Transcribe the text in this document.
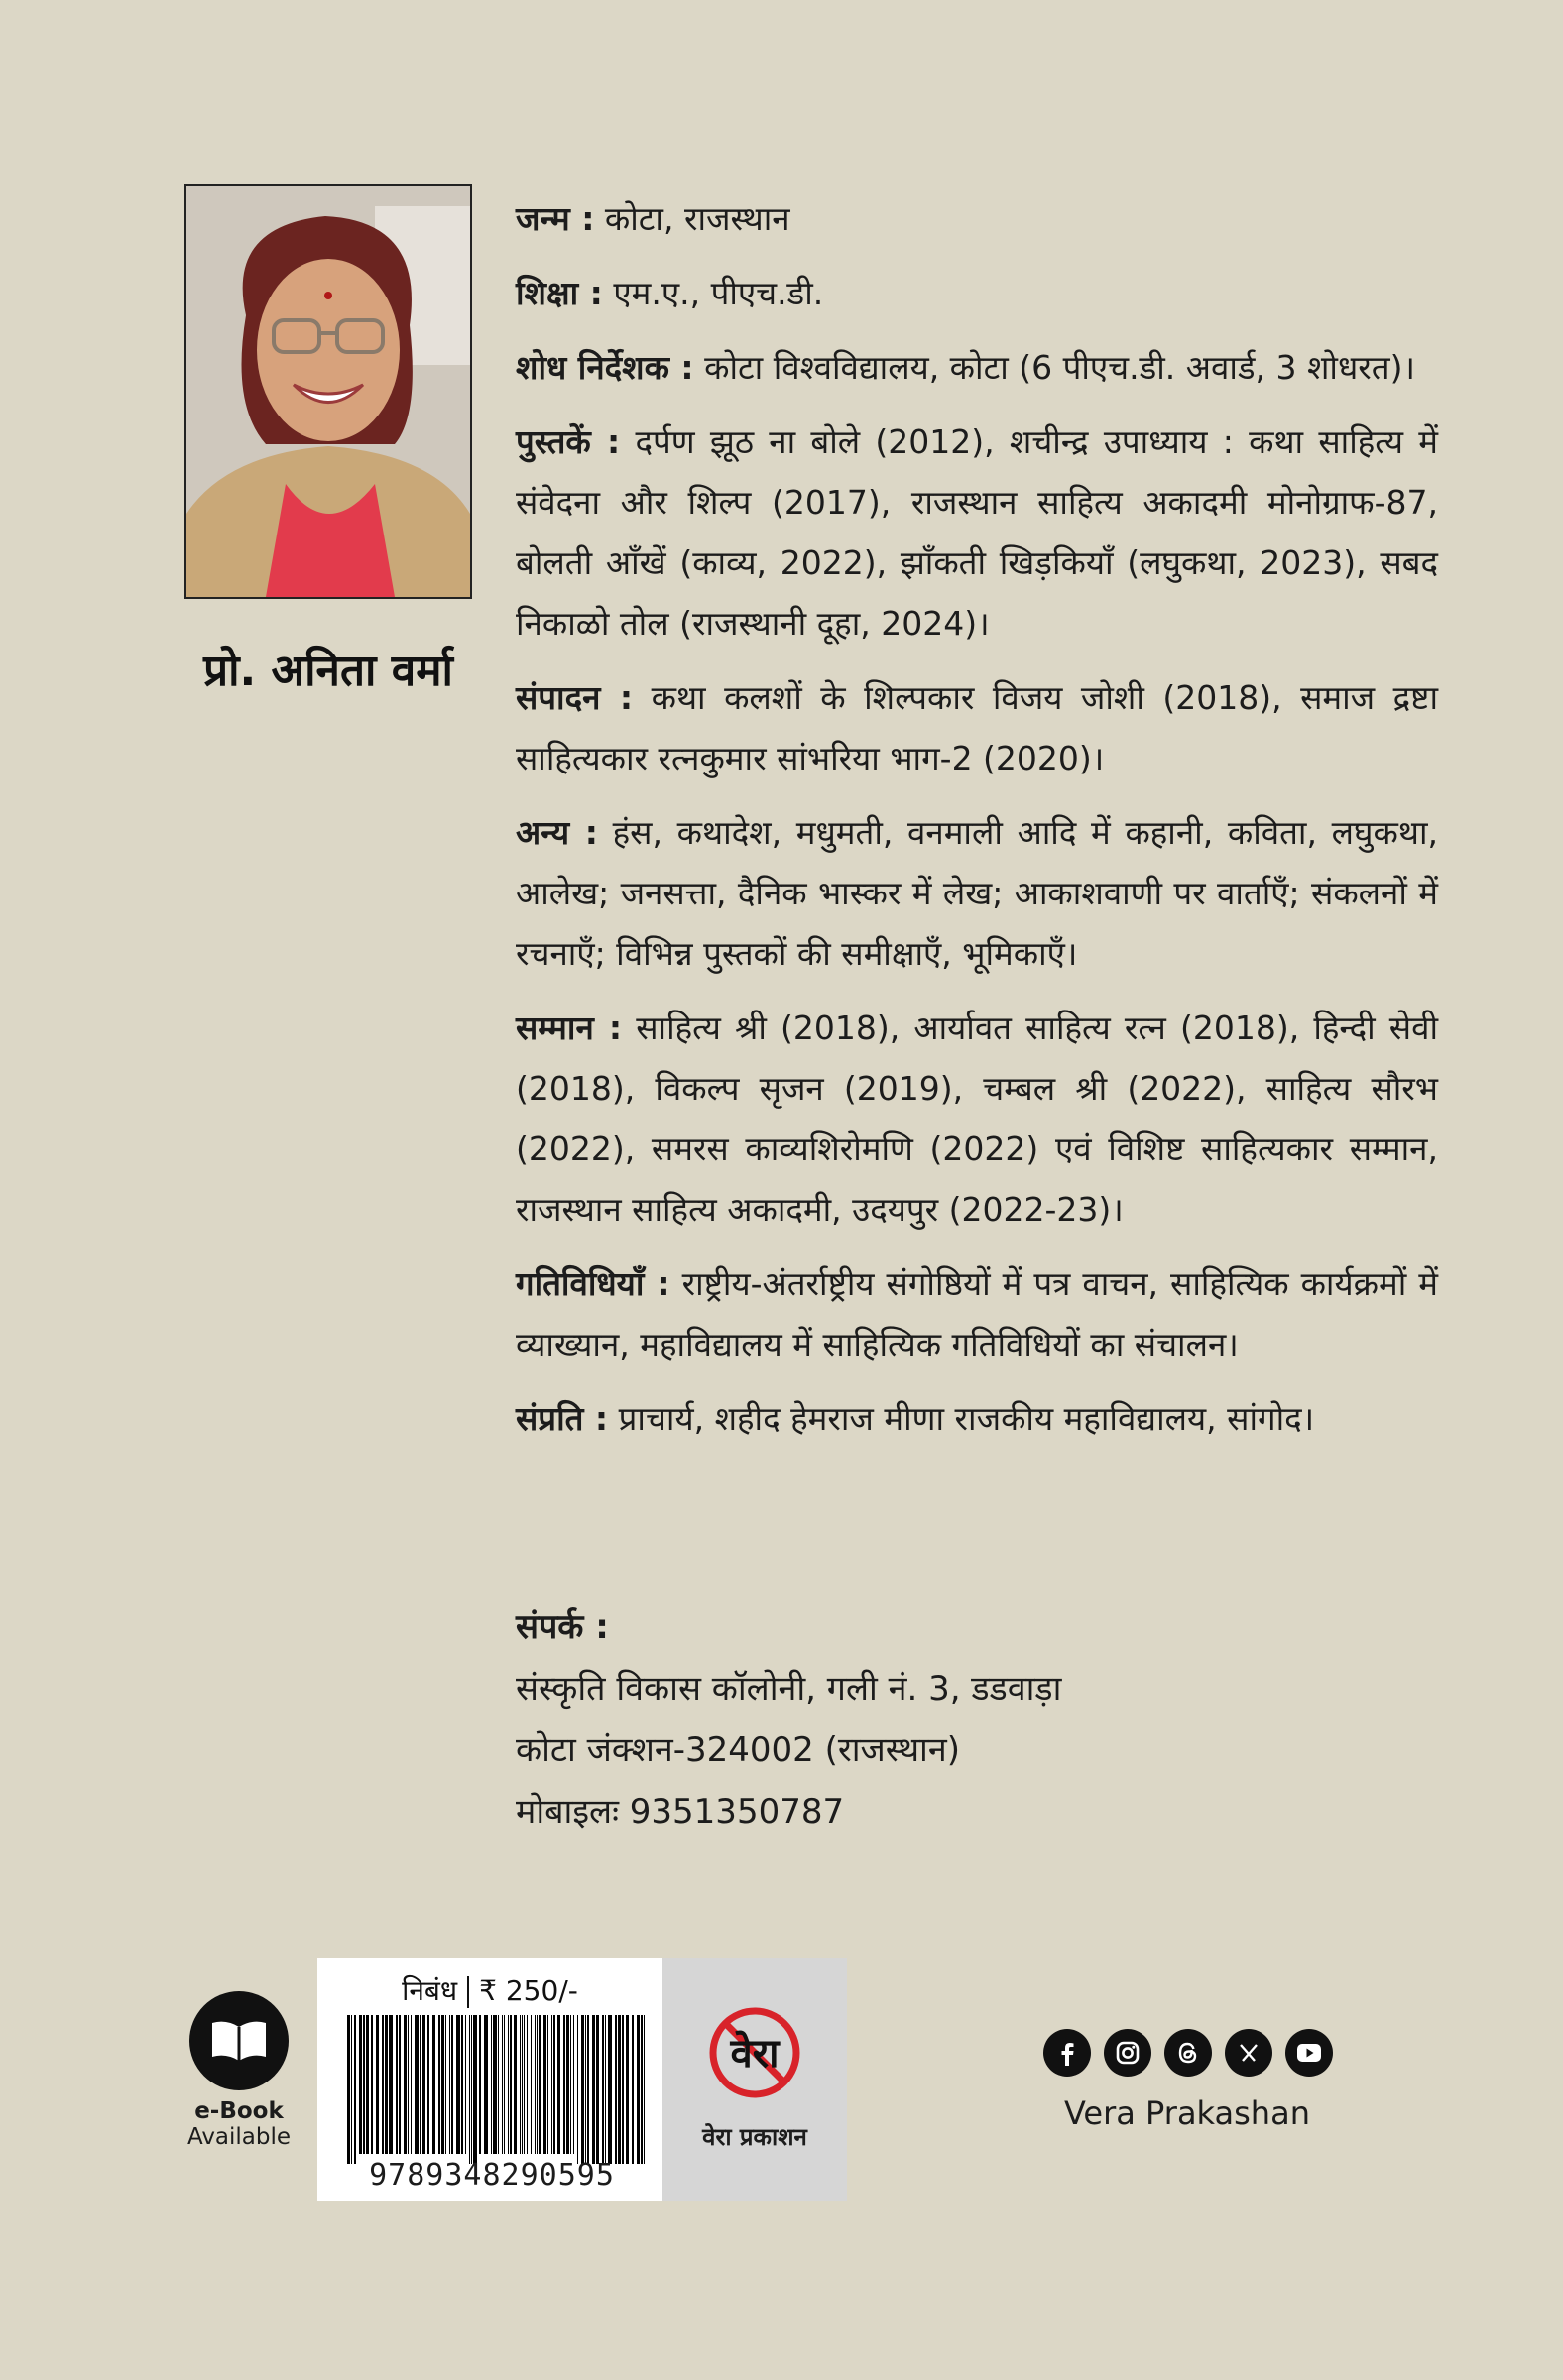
प्रो. अनिता वर्मा

जन्म : कोटा, राजस्थान

शिक्षा : एम.ए., पीएच.डी.

शोध निर्देशक : कोटा विश्वविद्यालय, कोटा (6 पीएच.डी. अवार्ड, 3 शोधरत)।

पुस्तकें : दर्पण झूठ ना बोले (2012), शचीन्द्र उपाध्याय : कथा साहित्य में संवेदना और शिल्प (2017), राजस्थान साहित्य अकादमी मोनोग्राफ-87, बोलती आँखें (काव्य, 2022), झाँकती खिड़कियाँ (लघुकथा, 2023), सबद निकाळो तोल (राजस्थानी दूहा, 2024)।

संपादन : कथा कलशों के शिल्पकार विजय जोशी (2018), समाज द्रष्टा साहित्यकार रत्नकुमार सांभरिया भाग-2 (2020)।

अन्य : हंस, कथादेश, मधुमती, वनमाली आदि में कहानी, कविता, लघुकथा, आलेख; जनसत्ता, दैनिक भास्कर में लेख; आकाशवाणी पर वार्ताएँ; संकलनों में रचनाएँ; विभिन्न पुस्तकों की समीक्षाएँ, भूमिकाएँ।

सम्मान : साहित्य श्री (2018), आर्यावत साहित्य रत्न (2018), हिन्दी सेवी (2018), विकल्प सृजन (2019), चम्बल श्री (2022), साहित्य सौरभ (2022), समरस काव्यशिरोमणि (2022) एवं विशिष्ट साहित्यकार सम्मान, राजस्थान साहित्य अकादमी, उदयपुर (2022-23)।

गतिविधियाँ : राष्ट्रीय-अंतर्राष्ट्रीय संगोष्ठियों में पत्र वाचन, साहित्यिक कार्यक्रमों में व्याख्यान, महाविद्यालय में साहित्यिक गतिविधियों का संचालन।

संप्रति : प्राचार्य, शहीद हेमराज मीणा राजकीय महाविद्यालय, सांगोद।

संपर्क :
संस्कृति विकास कॉलोनी, गली नं. 3, डडवाड़ा
कोटा जंक्शन-324002 (राजस्थान)
मोबाइलः 9351350787
e-Book
Available
निबंध ₹ 250/-
9789348290595
वेरा
वेरा प्रकाशन
Vera Prakashan
